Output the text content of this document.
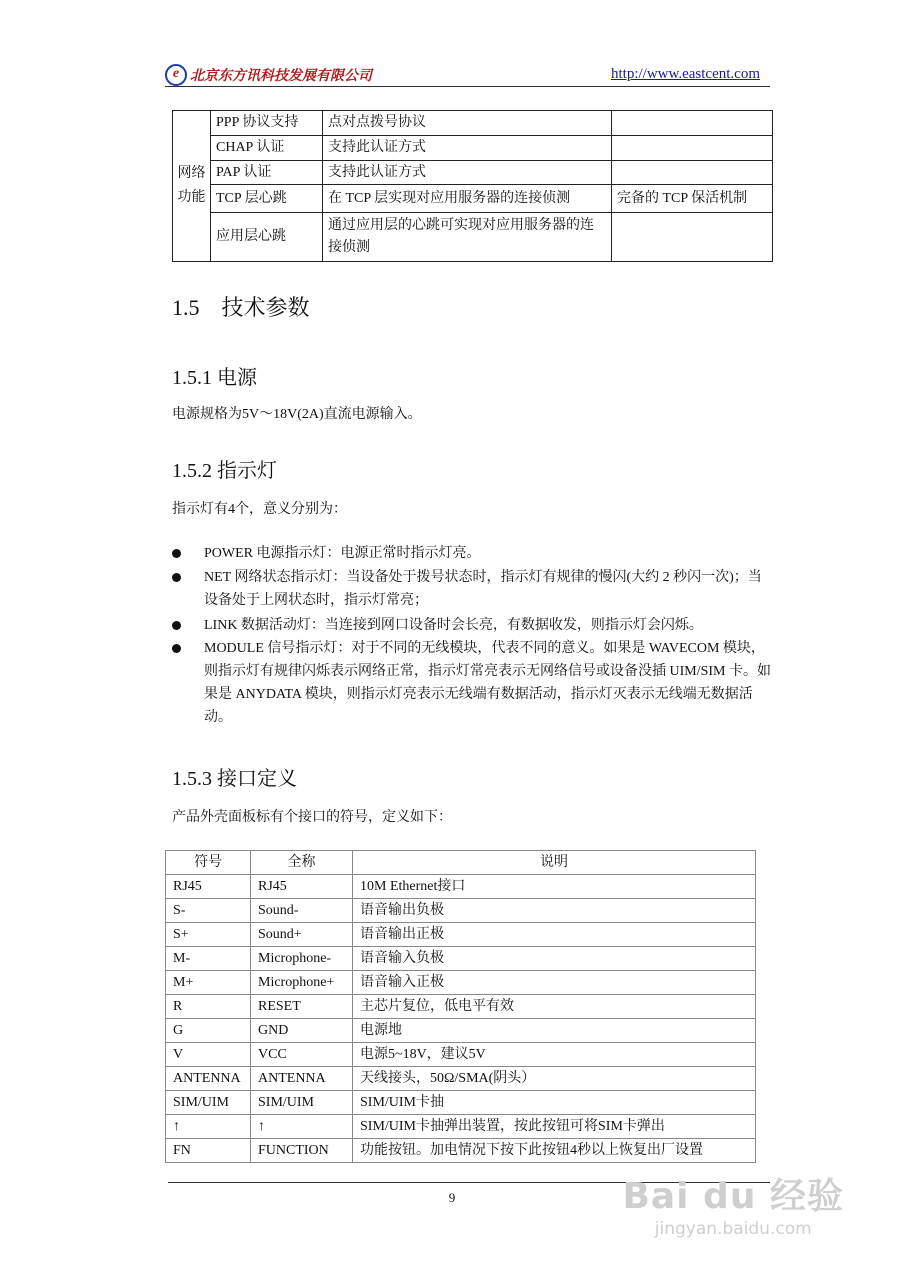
e 北京东方讯科技发展有限公司	http://www.eastcent.com
网络功能	PPP 协议支持	点对点拨号协议	
	CHAP 认证	支持此认证方式	
	PAP 认证	支持此认证方式	
	TCP 层心跳	在 TCP 层实现对应用服务器的连接侦测	完备的 TCP 保活机制
	应用层心跳	通过应用层的心跳可实现对应用服务器的连接侦测	
1.5　技术参数
1.5.1 电源
电源规格为5V～18V(2A)直流电源输入。
1.5.2 指示灯
指示灯有4个，意义分别为：
POWER 电源指示灯：电源正常时指示灯亮。
NET 网络状态指示灯：当设备处于拨号状态时，指示灯有规律的慢闪(大约 2 秒闪一次)；当设备处于上网状态时，指示灯常亮；
LINK 数据活动灯：当连接到网口设备时会长亮，有数据收发，则指示灯会闪烁。
MODULE 信号指示灯：对于不同的无线模块，代表不同的意义。如果是 WAVECOM 模块，则指示灯有规律闪烁表示网络正常，指示灯常亮表示无网络信号或设备没插 UIM/SIM 卡。如果是 ANYDATA 模块，则指示灯亮表示无线端有数据活动，指示灯灭表示无线端无数据活动。
1.5.3 接口定义
产品外壳面板标有个接口的符号，定义如下：
符号	全称	说明
RJ45	RJ45	10M Ethernet接口
S-	Sound-	语音输出负极
S+	Sound+	语音输出正极
M-	Microphone-	语音输入负极
M+	Microphone+	语音输入正极
R	RESET	主芯片复位，低电平有效
G	GND	电源地
V	VCC	电源5~18V，建议5V
ANTENNA	ANTENNA	天线接头，50Ω/SMA(阴头）
SIM/UIM	SIM/UIM	SIM/UIM卡抽
↑	↑	SIM/UIM卡抽弹出装置，按此按钮可将SIM卡弹出
FN	FUNCTION	功能按钮。加电情况下按下此按钮4秒以上恢复出厂设置
9	Bai du 经验
jingyan.baidu.com
